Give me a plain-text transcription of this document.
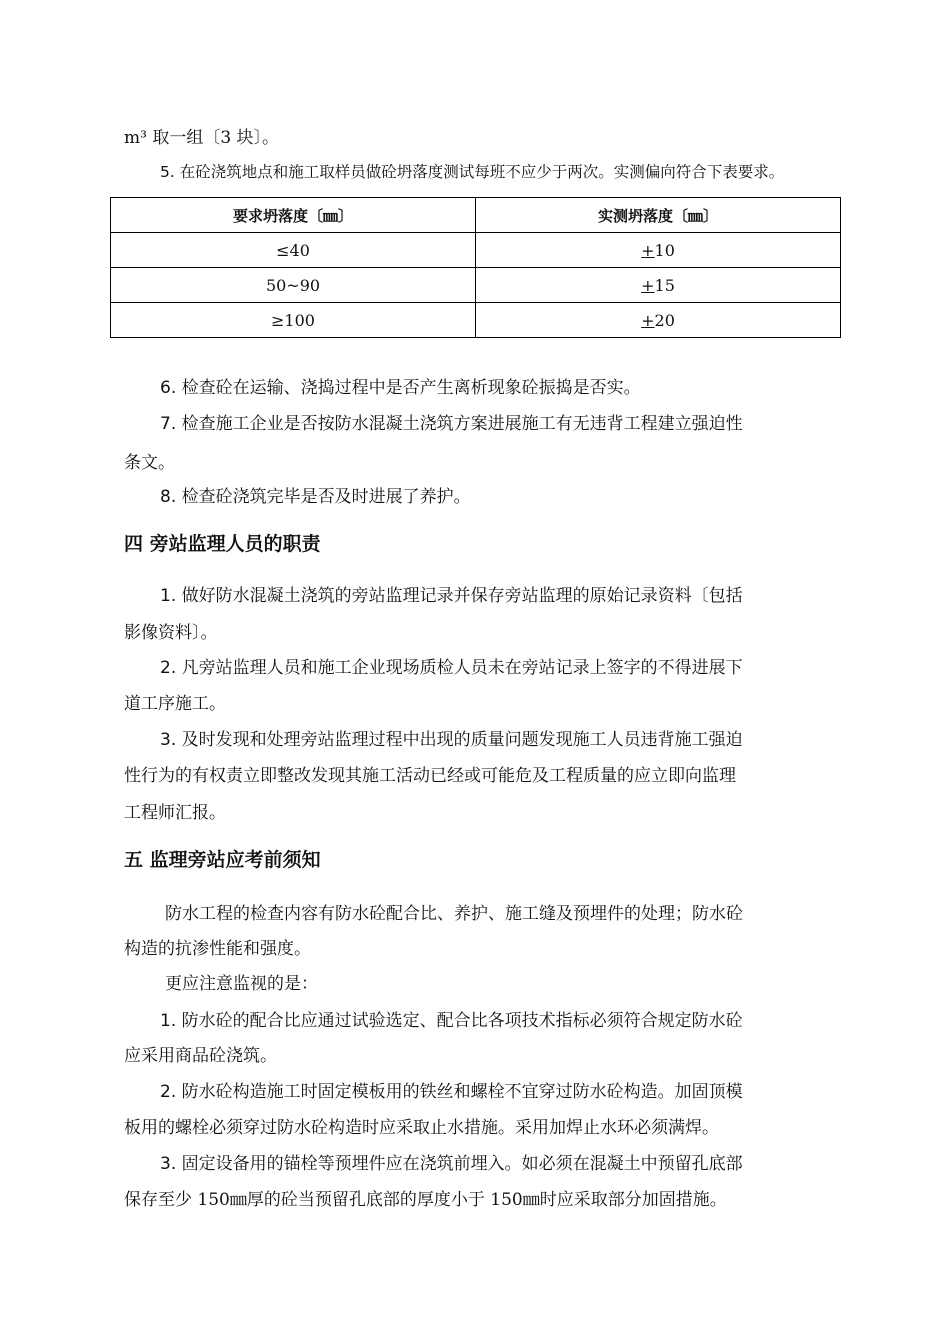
m³ 取一组〔3 块〕。
5. 在砼浇筑地点和施工取样员做砼坍落度测试每班不应少于两次。实测偏向符合下表要求。
要求坍落度〔㎜〕	实测坍落度〔㎜〕
≤40	+10
50~90	+15
≥100	+20
6. 检查砼在运输、浇捣过程中是否产生离析现象砼振捣是否实。
7. 检查施工企业是否按防水混凝土浇筑方案进展施工有无违背工程建立强迫性
条文。
8. 检查砼浇筑完毕是否及时进展了养护。
四 旁站监理人员的职责
1. 做好防水混凝土浇筑的旁站监理记录并保存旁站监理的原始记录资料〔包括
影像资料〕。
2. 凡旁站监理人员和施工企业现场质检人员未在旁站记录上签字的不得进展下
道工序施工。
3. 及时发现和处理旁站监理过程中出现的质量问题发现施工人员违背施工强迫
性行为的有权责立即整改发现其施工活动已经或可能危及工程质量的应立即向监理
工程师汇报。
五 监理旁站应考前须知
防水工程的检查内容有防水砼配合比、养护、施工缝及预埋件的处理；防水砼
构造的抗渗性能和强度。
更应注意监视的是：
1. 防水砼的配合比应通过试验选定、配合比各项技术指标必须符合规定防水砼
应采用商品砼浇筑。
2. 防水砼构造施工时固定模板用的铁丝和螺栓不宜穿过防水砼构造。加固顶模
板用的螺栓必须穿过防水砼构造时应采取止水措施。采用加焊止水环必须满焊。
3. 固定设备用的锚栓等预埋件应在浇筑前埋入。如必须在混凝土中预留孔底部
保存至少 150㎜厚的砼当预留孔底部的厚度小于 150㎜时应采取部分加固措施。
